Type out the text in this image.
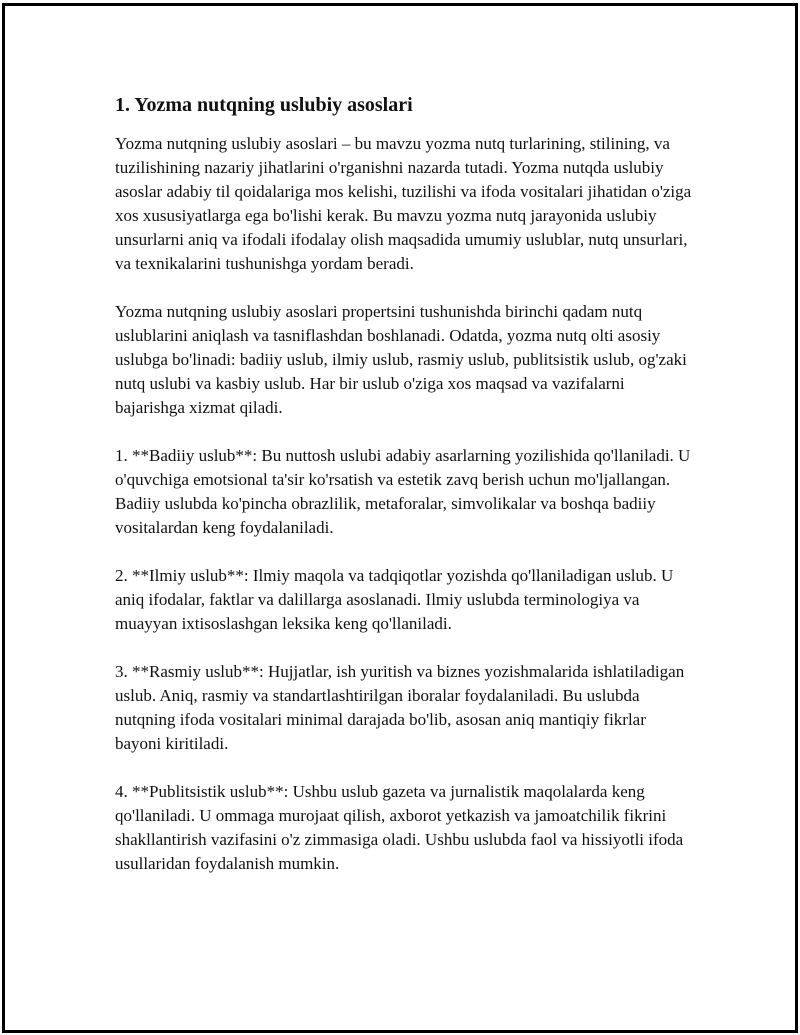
1. Yozma nutqning uslubiy asoslari

Yozma nutqning uslubiy asoslari – bu mavzu yozma nutq turlarining, stilining, va tuzilishining nazariy jihatlarini o'rganishni nazarda tutadi. Yozma nutqda uslubiy asoslar adabiy til qoidalariga mos kelishi, tuzilishi va ifoda vositalari jihatidan o'ziga xos xususiyatlarga ega bo'lishi kerak. Bu mavzu yozma nutq jarayonida uslubiy unsurlarni aniq va ifodali ifodalay olish maqsadida umumiy uslublar, nutq unsurlari, va texnikalarini tushunishga yordam beradi.

Yozma nutqning uslubiy asoslari propertsini tushunishda birinchi qadam nutq uslublarini aniqlash va tasniflashdan boshlanadi. Odatda, yozma nutq olti asosiy uslubga bo'linadi: badiiy uslub, ilmiy uslub, rasmiy uslub, publitsistik uslub, og'zaki nutq uslubi va kasbiy uslub. Har bir uslub o'ziga xos maqsad va vazifalarni bajarishga xizmat qiladi.

1. **Badiiy uslub**: Bu nuttosh uslubi adabiy asarlarning yozilishida qo'llaniladi. U o'quvchiga emotsional ta'sir ko'rsatish va estetik zavq berish uchun mo'ljallangan. Badiiy uslubda ko'pincha obrazlilik, metaforalar, simvolikalar va boshqa badiiy vositalardan keng foydalaniladi.

2. **Ilmiy uslub**: Ilmiy maqola va tadqiqotlar yozishda qo'llaniladigan uslub. U aniq ifodalar, faktlar va dalillarga asoslanadi. Ilmiy uslubda terminologiya va muayyan ixtisoslashgan leksika keng qo'llaniladi.

3. **Rasmiy uslub**: Hujjatlar, ish yuritish va biznes yozishmalarida ishlatiladigan uslub. Aniq, rasmiy va standartlashtirilgan iboralar foydalaniladi. Bu uslubda nutqning ifoda vositalari minimal darajada bo'lib, asosan aniq mantiqiy fikrlar bayoni kiritiladi.

4. **Publitsistik uslub**: Ushbu uslub gazeta va jurnalistik maqolalarda keng qo'llaniladi. U ommaga murojaat qilish, axborot yetkazish va jamoatchilik fikrini shakllantirish vazifasini o'z zimmasiga oladi. Ushbu uslubda faol va hissiyotli ifoda usullaridan foydalanish mumkin.
